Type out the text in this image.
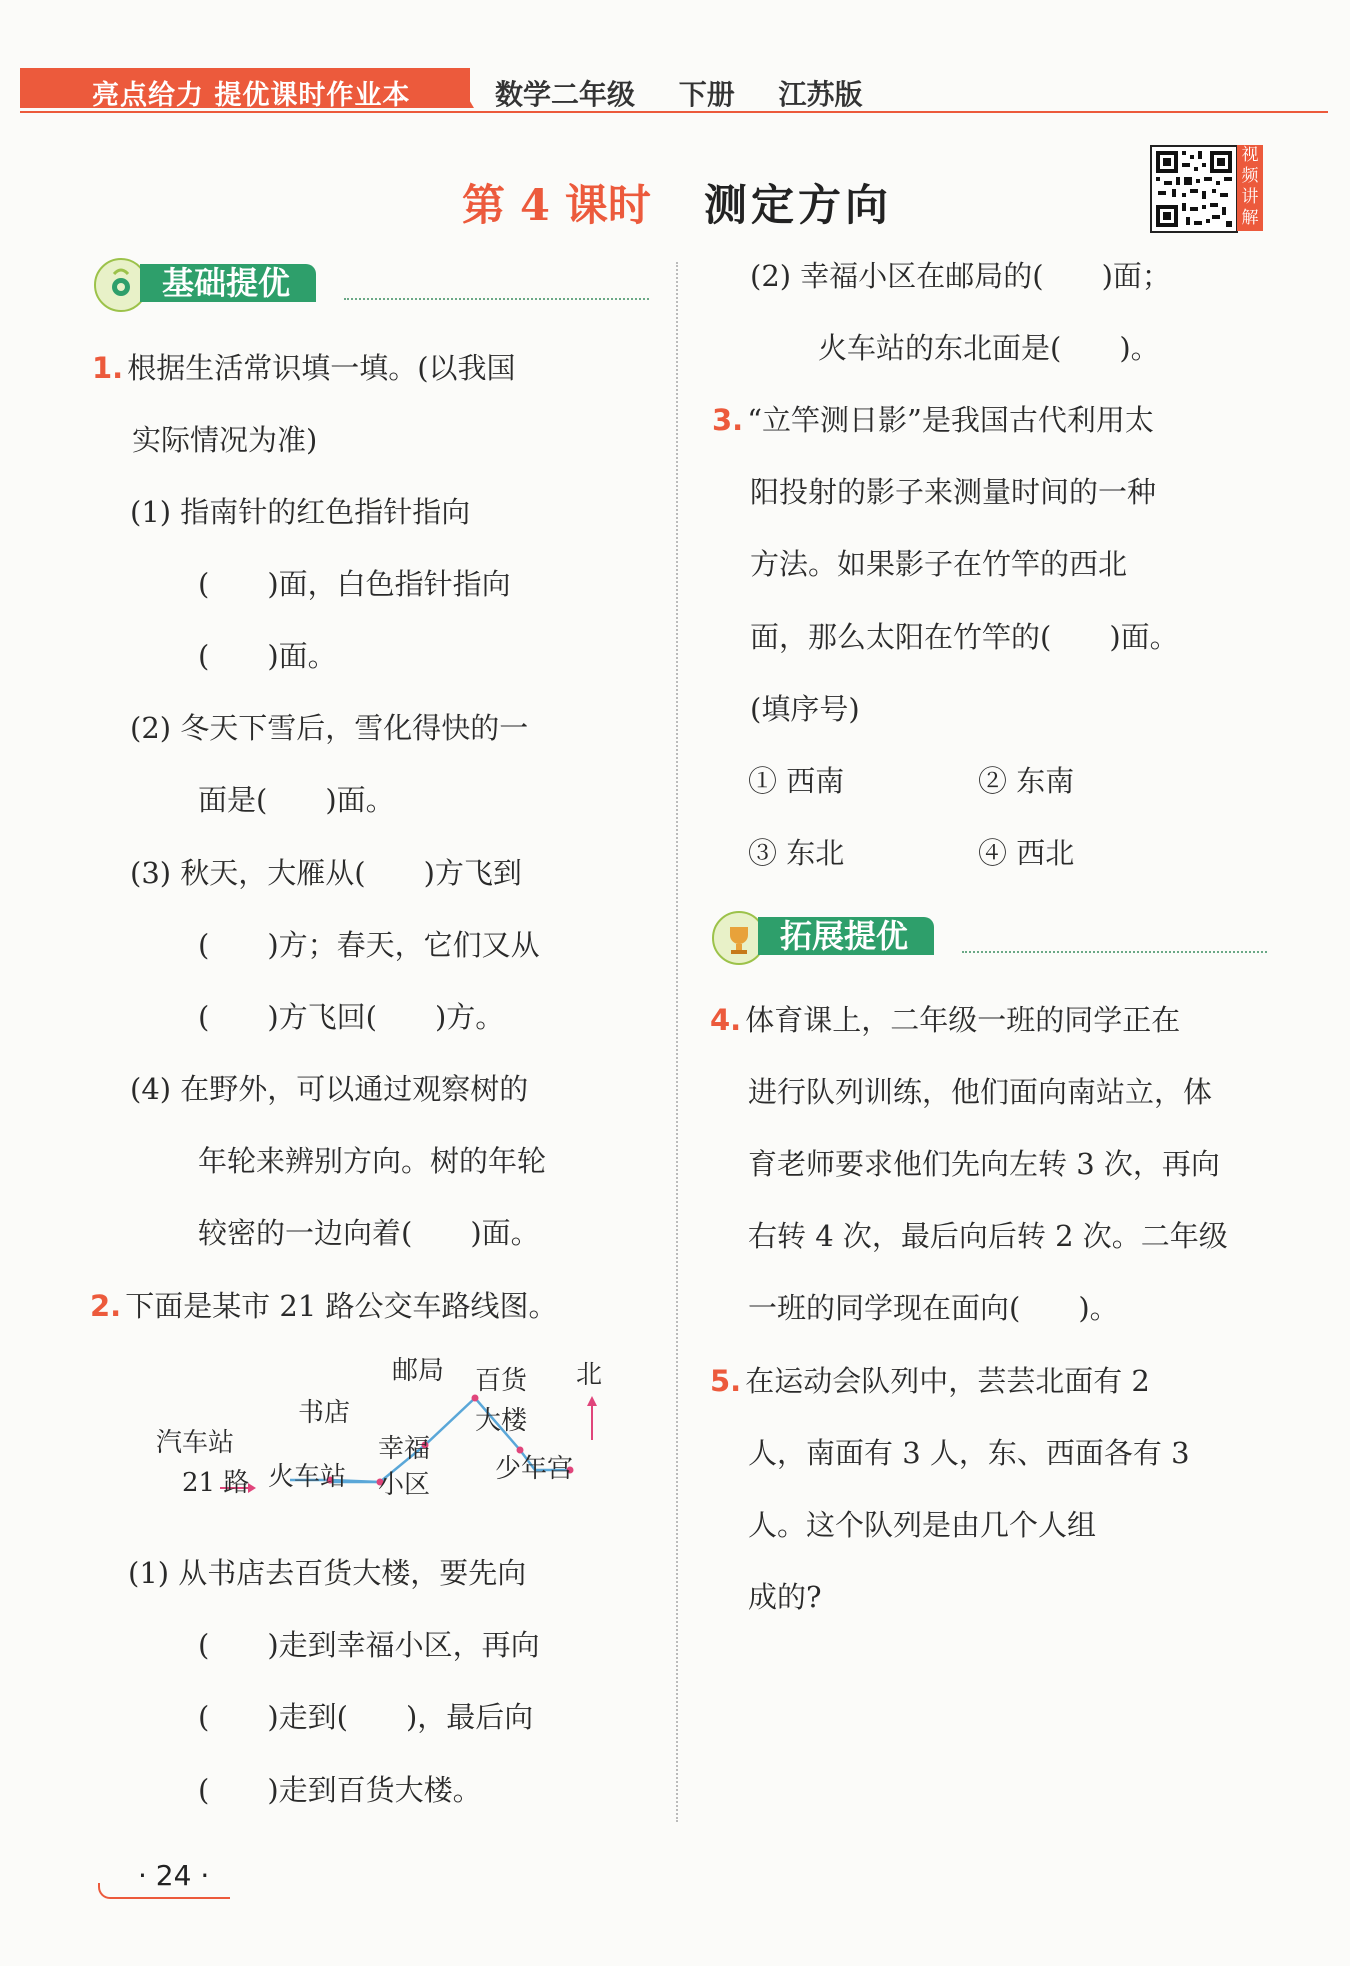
亮点给力 提优课时作业本	数学二年级 下册 江苏版
第 4 课时 测定方向
视
频
讲
解
基础提优
1. 根据生活常识填一填。(以我国
实际情况为准)
(1) 指南针的红色指针指向
(　　)面，白色指针指向
(　　)面。
(2) 冬天下雪后，雪化得快的一
面是(　　)面。
(3) 秋天，大雁从(　　)方飞到
(　　)方；春天，它们又从
(　　)方飞回(　　)方。
(4) 在野外，可以通过观察树的
年轮来辨别方向。树的年轮
较密的一边向着(　　)面。
2. 下面是某市 21 路公交车路线图。
邮局 百货 北
书店	大楼
汽车站	幸福
少年宫
火车站
21 路	小区
(1) 从书店去百货大楼，要先向
(　　)走到幸福小区，再向
(　　)走到(　　)，最后向
(　　)走到百货大楼。
(2) 幸福小区在邮局的(　　)面；
火车站的东北面是(　　)。
3. “立竿测日影”是我国古代利用太
阳投射的影子来测量时间的一种
方法。如果影子在竹竿的西北
面，那么太阳在竹竿的(　　)面。
(填序号)
① 西南	② 东南
③ 东北	④ 西北
拓展提优
4. 体育课上，二年级一班的同学正在
进行队列训练，他们面向南站立，体
育老师要求他们先向左转 3 次，再向
右转 4 次，最后向后转 2 次。二年级
一班的同学现在面向(　　)。
5. 在运动会队列中，芸芸北面有 2
人，南面有 3 人，东、西面各有 3
人。这个队列是由几个人组
成的?
· 24 ·
